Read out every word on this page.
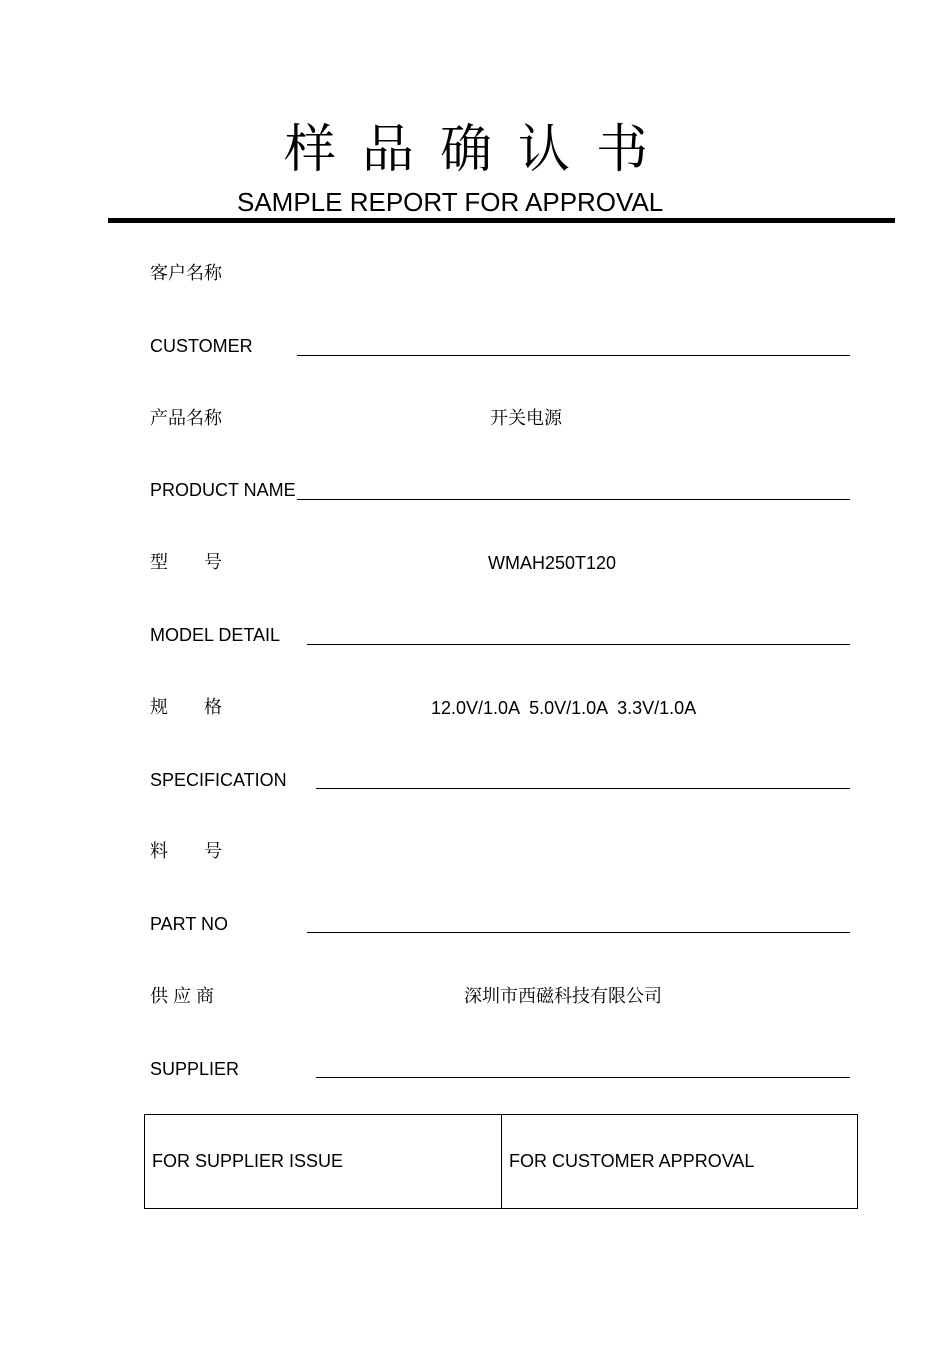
样品确认书
SAMPLE REPORT FOR APPROVAL
客户名称
CUSTOMER
产品名称	开关电源
PRODUCT NAME
型　　号	WMAH250T120
MODEL DETAIL
规　　格	12.0V/1.0A  5.0V/1.0A  3.3V/1.0A
SPECIFICATION
料　　号
PART NO
供 应 商	深圳市西磁科技有限公司
SUPPLIER
FOR SUPPLIER ISSUE	FOR CUSTOMER APPROVAL
